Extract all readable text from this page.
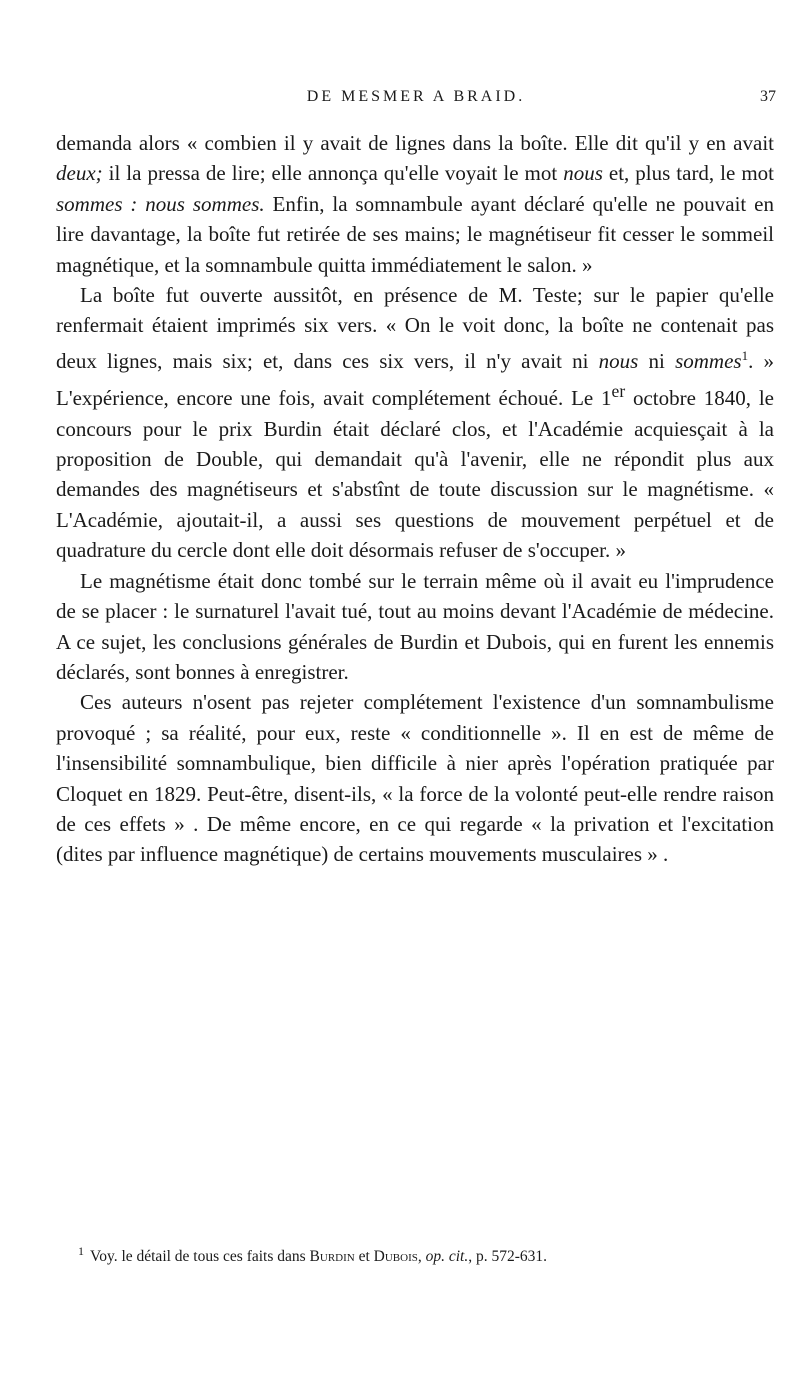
DE MESMER A BRAID.	37

demanda alors « combien il y avait de lignes dans la boîte. Elle dit qu'il y en avait deux; il la pressa de lire; elle annonça qu'elle voyait le mot nous et, plus tard, le mot sommes : nous sommes. Enfin, la somnambule ayant déclaré qu'elle ne pouvait en lire davantage, la boîte fut retirée de ses mains; le magnétiseur fit cesser le sommeil magnétique, et la somnambule quitta immédiatement le salon. »

La boîte fut ouverte aussitôt, en présence de M. Teste; sur le papier qu'elle renfermait étaient imprimés six vers. « On le voit donc, la boîte ne contenait pas deux lignes, mais six; et, dans ces six vers, il n'y avait ni nous ni sommes$^1$. » L'expérience, encore une fois, avait complétement échoué. Le 1er octobre 1840, le concours pour le prix Burdin était déclaré clos, et l'Académie acquiesçait à la proposition de Double, qui demandait qu'à l'avenir, elle ne répondit plus aux demandes des magnétiseurs et s'abstînt de toute discussion sur le magnétisme. « L'Académie, ajoutait-il, a aussi ses questions de mouvement perpétuel et de quadrature du cercle dont elle doit désormais refuser de s'occuper. »

Le magnétisme était donc tombé sur le terrain même où il avait eu l'imprudence de se placer : le surnaturel l'avait tué, tout au moins devant l'Académie de médecine. A ce sujet, les conclusions générales de Burdin et Dubois, qui en furent les ennemis déclarés, sont bonnes à enregistrer.

Ces auteurs n'osent pas rejeter complétement l'existence d'un somnambulisme provoqué ; sa réalité, pour eux, reste « conditionnelle ». Il en est de même de l'insensibilité somnambulique, bien difficile à nier après l'opération pratiquée par Cloquet en 1829. Peut-être, disent-ils, « la force de la volonté peut-elle rendre raison de ces effets » . De même encore, en ce qui regarde « la privation et l'excitation (dites par influence magnétique) de certains mouvements musculaires » .

$^1$ Voy. le détail de tous ces faits dans Burdin et Dubois, op. cit., p. 572-631.
